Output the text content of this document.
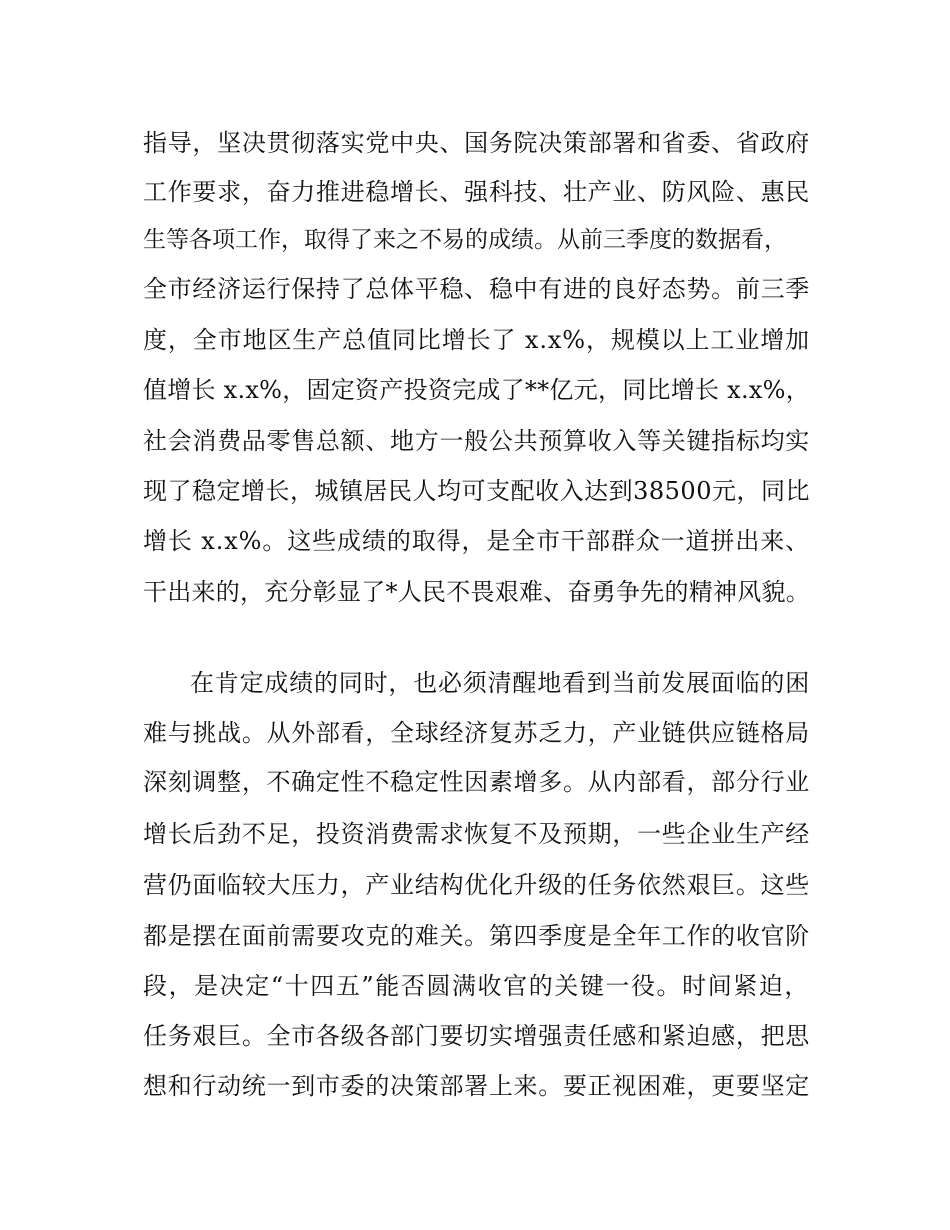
指导，坚决贯彻落实党中央、国务院决策部署和省委、省政府
工作要求，奋力推进稳增长、强科技、壮产业、防风险、惠民
生等各项工作，取得了来之不易的成绩。从前三季度的数据看，
全市经济运行保持了总体平稳、稳中有进的良好态势。前三季
度，全市地区生产总值同比增长了 x.x%，规模以上工业增加
值增长 x.x%，固定资产投资完成了**亿元，同比增长 x.x%，
社会消费品零售总额、地方一般公共预算收入等关键指标均实
现了稳定增长，城镇居民人均可支配收入达到38500元，同比
增长 x.x%。这些成绩的取得，是全市干部群众一道拼出来、
干出来的，充分彰显了*人民不畏艰难、奋勇争先的精神风貌。
在肯定成绩的同时，也必须清醒地看到当前发展面临的困
难与挑战。从外部看，全球经济复苏乏力，产业链供应链格局
深刻调整，不确定性不稳定性因素增多。从内部看，部分行业
增长后劲不足，投资消费需求恢复不及预期，一些企业生产经
营仍面临较大压力，产业结构优化升级的任务依然艰巨。这些
都是摆在面前需要攻克的难关。第四季度是全年工作的收官阶
段，是决定“十四五”能否圆满收官的关键一役。时间紧迫，
任务艰巨。全市各级各部门要切实增强责任感和紧迫感，把思
想和行动统一到市委的决策部署上来。要正视困难，更要坚定
